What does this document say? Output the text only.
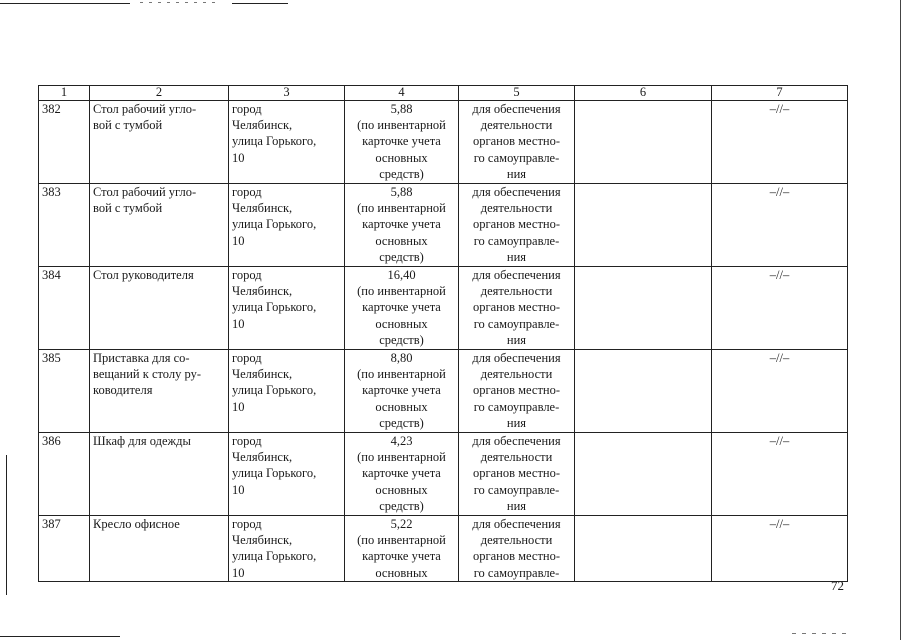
1	2	3	4	5	6	7
382	Стол рабочий угло-
вой с тумбой	город
Челябинск,
улица Горького,
10	5,88
(по инвентарной
карточке учета
основных
средств)	для обеспечения
деятельности
органов местно-
го самоуправле-
ния		–//–
383	Стол рабочий угло-
вой с тумбой	город
Челябинск,
улица Горького,
10	5,88
(по инвентарной
карточке учета
основных
средств)	для обеспечения
деятельности
органов местно-
го самоуправле-
ния		–//–
384	Стол руководителя	город
Челябинск,
улица Горького,
10	16,40
(по инвентарной
карточке учета
основных
средств)	для обеспечения
деятельности
органов местно-
го самоуправле-
ния		–//–
385	Приставка для со-
вещаний к столу ру-
ководителя	город
Челябинск,
улица Горького,
10	8,80
(по инвентарной
карточке учета
основных
средств)	для обеспечения
деятельности
органов местно-
го самоуправле-
ния		–//–
386	Шкаф для одежды	город
Челябинск,
улица Горького,
10	4,23
(по инвентарной
карточке учета
основных
средств)	для обеспечения
деятельности
органов местно-
го самоуправле-
ния		–//–
387	Кресло офисное	город
Челябинск,
улица Горького,
10	5,22
(по инвентарной
карточке учета
основных	для обеспечения
деятельности
органов местно-
го самоуправле-		–//–
72
